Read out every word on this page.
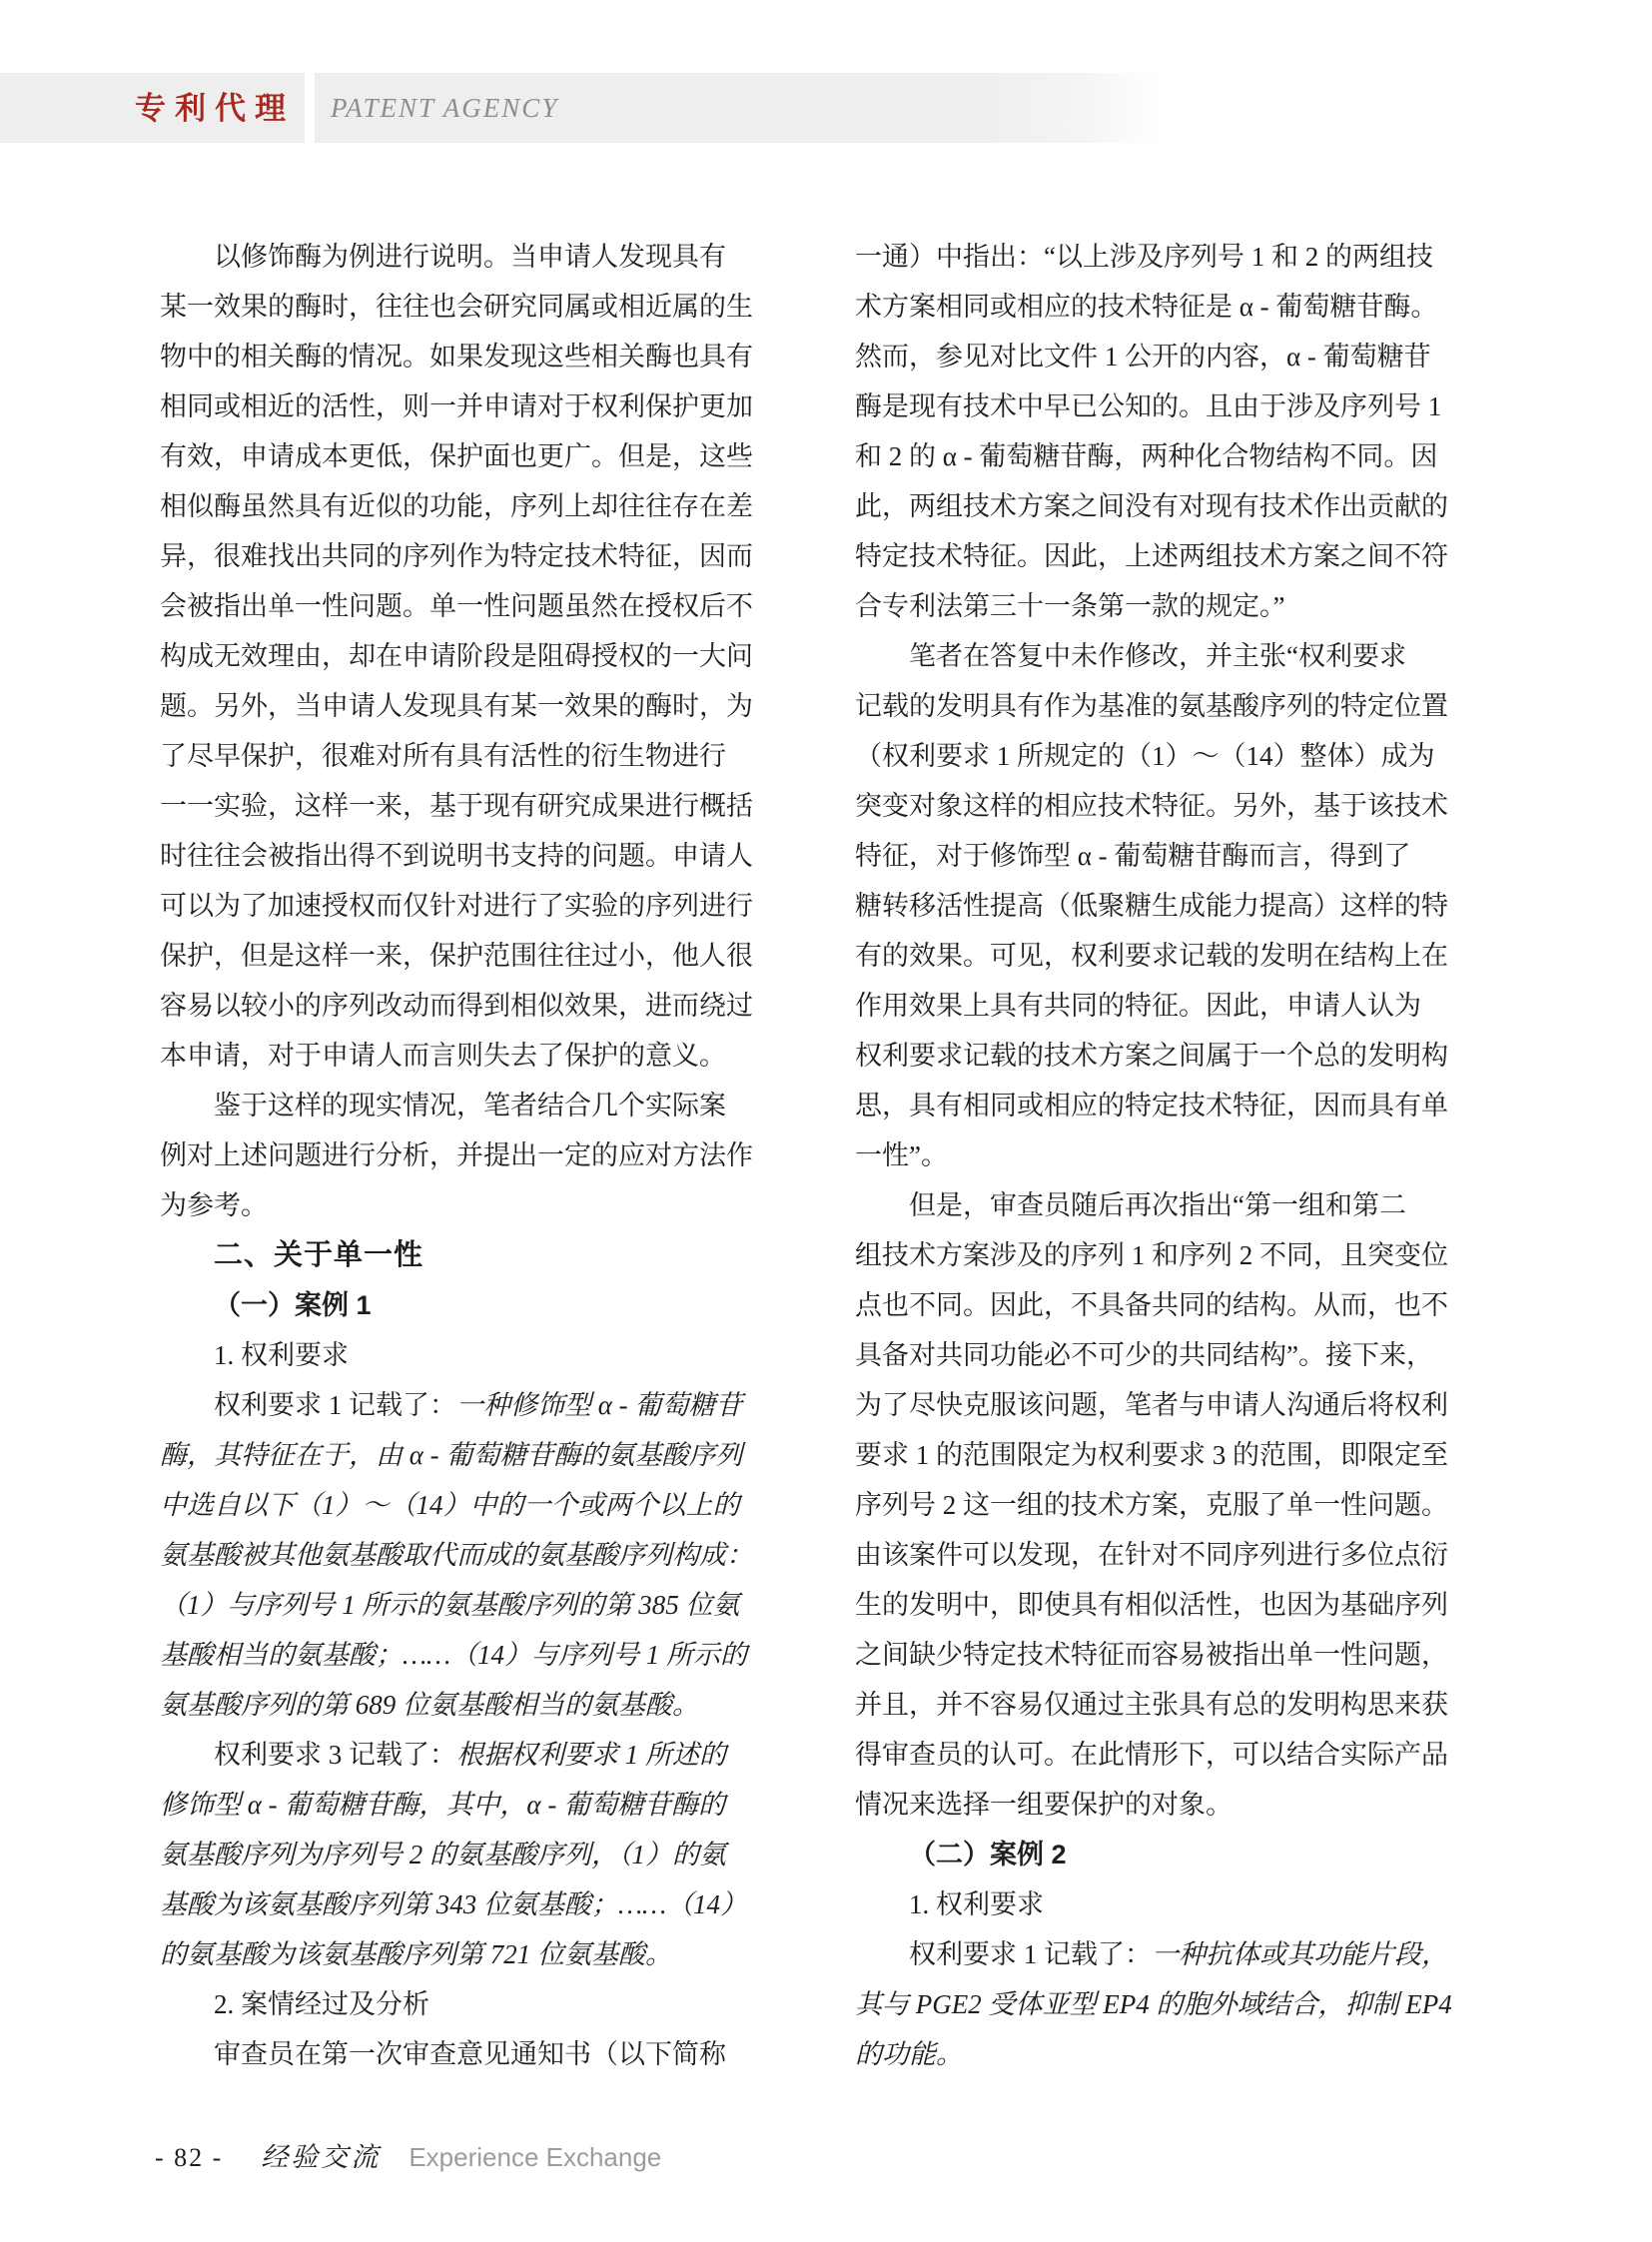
专利代理 PATENT AGENCY
以修饰酶为例进行说明。当申请人发现具有
某一效果的酶时，往往也会研究同属或相近属的生
物中的相关酶的情况。如果发现这些相关酶也具有
相同或相近的活性，则一并申请对于权利保护更加
有效，申请成本更低，保护面也更广。但是，这些
相似酶虽然具有近似的功能，序列上却往往存在差
异，很难找出共同的序列作为特定技术特征，因而
会被指出单一性问题。单一性问题虽然在授权后不
构成无效理由，却在申请阶段是阻碍授权的一大问
题。另外，当申请人发现具有某一效果的酶时，为
了尽早保护，很难对所有具有活性的衍生物进行
一一实验，这样一来，基于现有研究成果进行概括
时往往会被指出得不到说明书支持的问题。申请人
可以为了加速授权而仅针对进行了实验的序列进行
保护，但是这样一来，保护范围往往过小，他人很
容易以较小的序列改动而得到相似效果，进而绕过
本申请，对于申请人而言则失去了保护的意义。
鉴于这样的现实情况，笔者结合几个实际案
例对上述问题进行分析，并提出一定的应对方法作
为参考。
二、关于单一性
（一）案例 1
1. 权利要求
权利要求 1 记载了：一种修饰型 α - 葡萄糖苷
酶，其特征在于，由 α - 葡萄糖苷酶的氨基酸序列
中选自以下（1）～（14）中的一个或两个以上的
氨基酸被其他氨基酸取代而成的氨基酸序列构成：
（1）与序列号 1 所示的氨基酸序列的第 385 位氨
基酸相当的氨基酸；……（14）与序列号 1 所示的
氨基酸序列的第 689 位氨基酸相当的氨基酸。
权利要求 3 记载了：根据权利要求 1 所述的
修饰型 α - 葡萄糖苷酶，其中，α - 葡萄糖苷酶的
氨基酸序列为序列号 2 的氨基酸序列，（1）的氨
基酸为该氨基酸序列第 343 位氨基酸；……（14）
的氨基酸为该氨基酸序列第 721 位氨基酸。
2. 案情经过及分析
审查员在第一次审查意见通知书（以下简称
一通）中指出：“以上涉及序列号 1 和 2 的两组技
术方案相同或相应的技术特征是 α - 葡萄糖苷酶。
然而，参见对比文件 1 公开的内容，α - 葡萄糖苷
酶是现有技术中早已公知的。且由于涉及序列号 1
和 2 的 α - 葡萄糖苷酶，两种化合物结构不同。因
此，两组技术方案之间没有对现有技术作出贡献的
特定技术特征。因此，上述两组技术方案之间不符
合专利法第三十一条第一款的规定。”
笔者在答复中未作修改，并主张“权利要求
记载的发明具有作为基准的氨基酸序列的特定位置
（权利要求 1 所规定的（1）～（14）整体）成为
突变对象这样的相应技术特征。另外，基于该技术
特征，对于修饰型 α - 葡萄糖苷酶而言，得到了
糖转移活性提高（低聚糖生成能力提高）这样的特
有的效果。可见，权利要求记载的发明在结构上在
作用效果上具有共同的特征。因此，申请人认为
权利要求记载的技术方案之间属于一个总的发明构
思，具有相同或相应的特定技术特征，因而具有单
一性”。
但是，审查员随后再次指出“第一组和第二
组技术方案涉及的序列 1 和序列 2 不同，且突变位
点也不同。因此，不具备共同的结构。从而，也不
具备对共同功能必不可少的共同结构”。接下来，
为了尽快克服该问题，笔者与申请人沟通后将权利
要求 1 的范围限定为权利要求 3 的范围，即限定至
序列号 2 这一组的技术方案，克服了单一性问题。
由该案件可以发现，在针对不同序列进行多位点衍
生的发明中，即使具有相似活性，也因为基础序列
之间缺少特定技术特征而容易被指出单一性问题，
并且，并不容易仅通过主张具有总的发明构思来获
得审查员的认可。在此情形下，可以结合实际产品
情况来选择一组要保护的对象。
（二）案例 2
1. 权利要求
权利要求 1 记载了：一种抗体或其功能片段，
其与 PGE2 受体亚型 EP4 的胞外域结合，抑制 EP4
的功能。
- 82 - 经验交流 Experience Exchange
